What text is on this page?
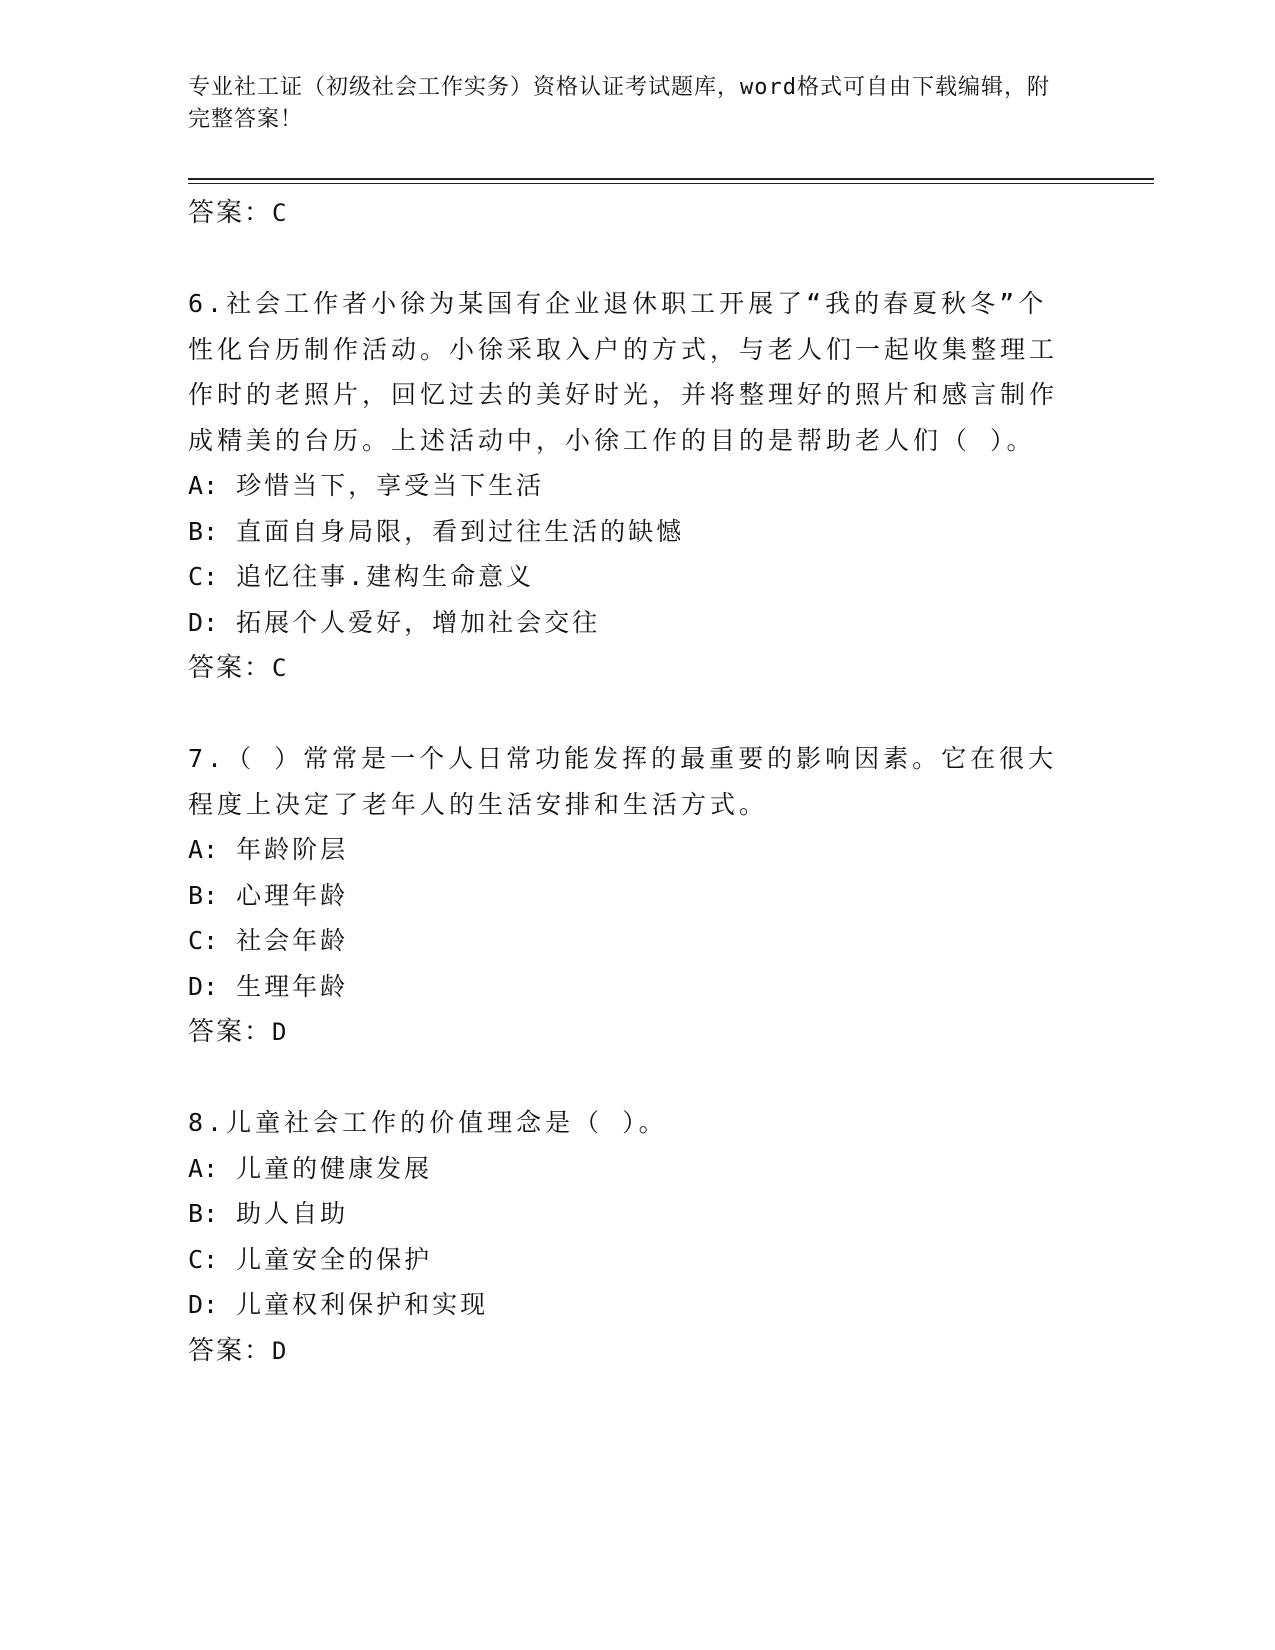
专业社工证（初级社会工作实务）资格认证考试题库，word格式可自由下载编辑，附完整答案！
答案：C
6.社会工作者小徐为某国有企业退休职工开展了“我的春夏秋冬”个性化台历制作活动。小徐采取入户的方式，与老人们一起收集整理工作时的老照片，回忆过去的美好时光，并将整理好的照片和感言制作成精美的台历。上述活动中，小徐工作的目的是帮助老人们（ ）。
A: 珍惜当下，享受当下生活
B: 直面自身局限，看到过往生活的缺憾
C: 追忆往事.建构生命意义
D: 拓展个人爱好，增加社会交往
答案：C
7.（ ）常常是一个人日常功能发挥的最重要的影响因素。它在很大程度上决定了老年人的生活安排和生活方式。
A: 年龄阶层
B: 心理年龄
C: 社会年龄
D: 生理年龄
答案：D
8.儿童社会工作的价值理念是（ ）。
A: 儿童的健康发展
B: 助人自助
C: 儿童安全的保护
D: 儿童权利保护和实现
答案：D
